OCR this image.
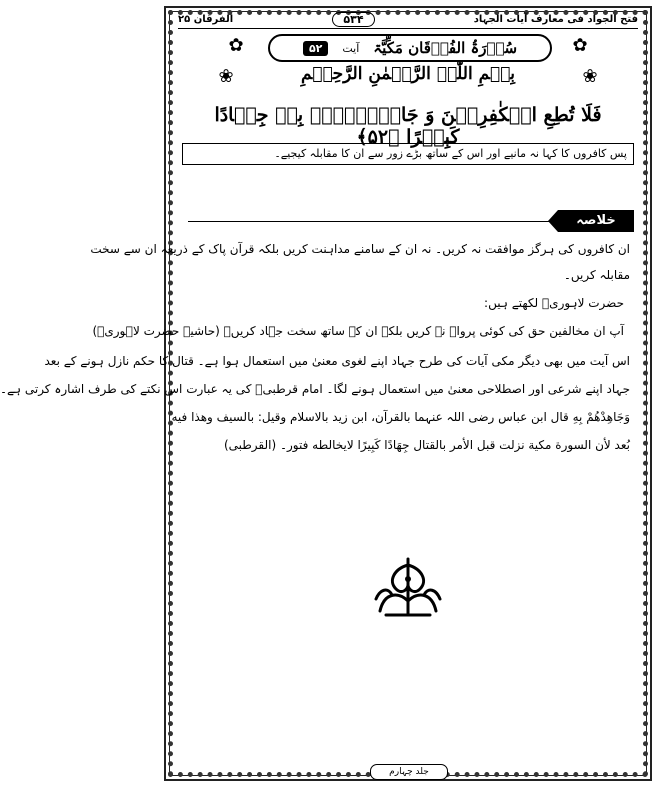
فتح الجواد فی معارف آیات الجہاد
۵۳۴
الفرقان ۲۵
✿
✿	سُوۡرَۃُ الفُرۡقَان مَکِّیَّۃ
آیت
۵۲
❀
❀	بِسۡمِ اللّٰہِ الرَّحۡمٰنِ الرَّحِیۡمِ
فَلَا تُطِعِ الۡکٰفِرِیۡنَ وَ جَاہِدۡہُمۡ بِہٖ جِہَادًا کَبِیۡرًا ﴿۵۲﴾
پس کافروں کا کہا نہ مانیے اور اس کے ساتھ بڑے زور سے ان کا مقابلہ کیجیے۔
خلاصہ
ان کافروں کی ہرگز موافقت نہ کریں۔ نہ ان کے سامنے مداہنت کریں بلکہ قرآن پاک کے ذریعہ ان سے سخت
مقابلہ کریں۔
حضرت لاہوریؒ لکھتے ہیں:
آپ ان مخالفین حق کی کوئی پرواہ نہ کریں بلکہ ان کے ساتھ سخت جہاد کریں۔ (حاشیہ حضرت لاہوریؒ)
اس آیت میں بھی دیگر مکی آیات کی طرح جہاد اپنے لغوی معنیٰ میں استعمال ہوا ہے۔ قتال کا حکم نازل ہونے کے بعد
جہاد اپنے شرعی اور اصطلاحی معنیٰ میں استعمال ہونے لگا۔ امام قرطبیؒ کی یہ عبارت اس نکتے کی طرف اشارہ کرتی ہے۔
وَجَاهِدْهُمْ بِهِ قال ابن عباس رضی اللہ عنہما بالقرآن، ابن زید بالاسلام وقیل: بالسیف وهذا فیه
بُعد لأن السورة مكية نزلت قبل الأمر بالقتال جِهَادًا كَبِيرًا لایخالطه فتور۔ (القرطبی)
جلد چہارم
